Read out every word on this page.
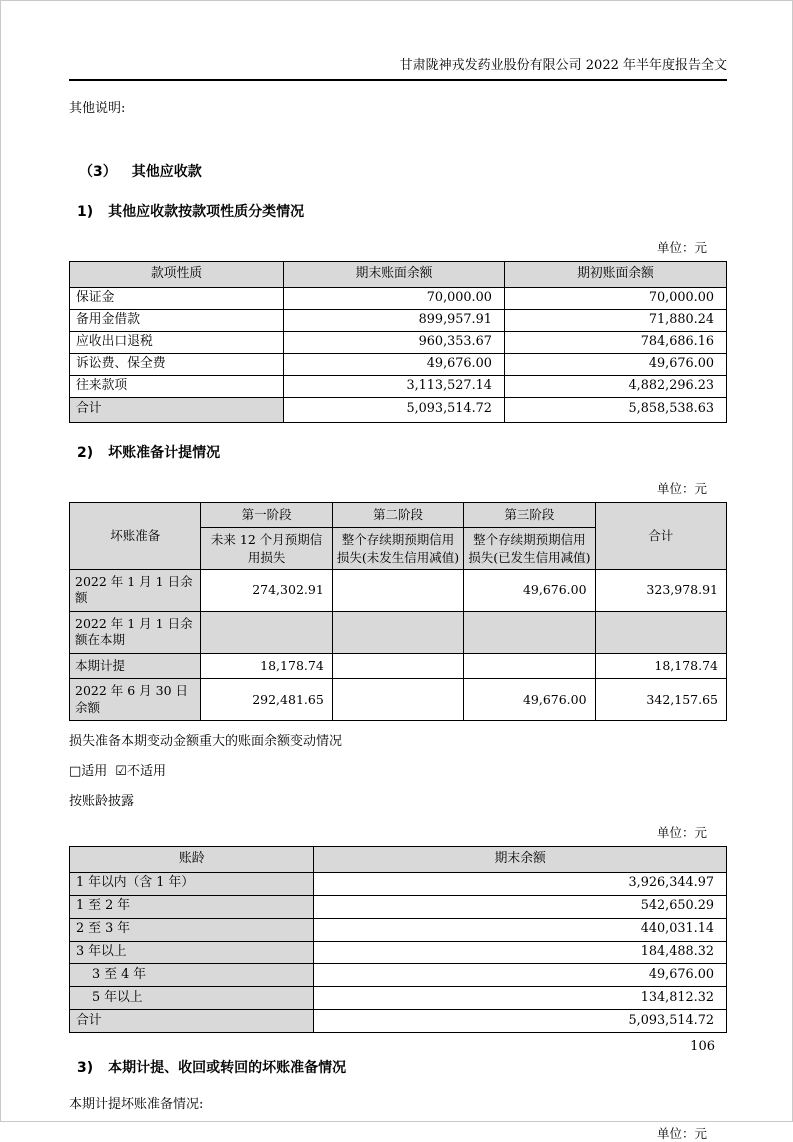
甘肃陇神戎发药业股份有限公司 2022 年半年度报告全文

其他说明:

（3） 其他应收款
1) 其他应收款按款项性质分类情况
单位：元
款项性质	期末账面余额	期初账面余额
保证金	70,000.00	70,000.00
备用金借款	899,957.91	71,880.24
应收出口退税	960,353.67	784,686.16
诉讼费、保全费	49,676.00	49,676.00
往来款项	3,113,527.14	4,882,296.23
合计	5,093,514.72	5,858,538.63
2) 坏账准备计提情况
单位：元
坏账准备	第一阶段	第二阶段	第三阶段	合计
	未来 12 个月预期信用损失	整个存续期预期信用损失(未发生信用减值)	整个存续期预期信用损失(已发生信用减值)	
2022 年 1 月 1 日余额	274,302.91		49,676.00	323,978.91
2022 年 1 月 1 日余额在本期				
本期计提	18,178.74			18,178.74
2022 年 6 月 30 日余额	292,481.65		49,676.00	342,157.65

损失准备本期变动金额重大的账面余额变动情况

□适用 ☑不适用

按账龄披露

单位：元
账龄	期末余额
1 年以内（含 1 年）	3,926,344.97
1 至 2 年	542,650.29
2 至 3 年	440,031.14
3 年以上	184,488.32
3 至 4 年	49,676.00
5 年以上	134,812.32
合计	5,093,514.72
3) 本期计提、收回或转回的坏账准备情况

本期计提坏账准备情况:

单位：元
106
